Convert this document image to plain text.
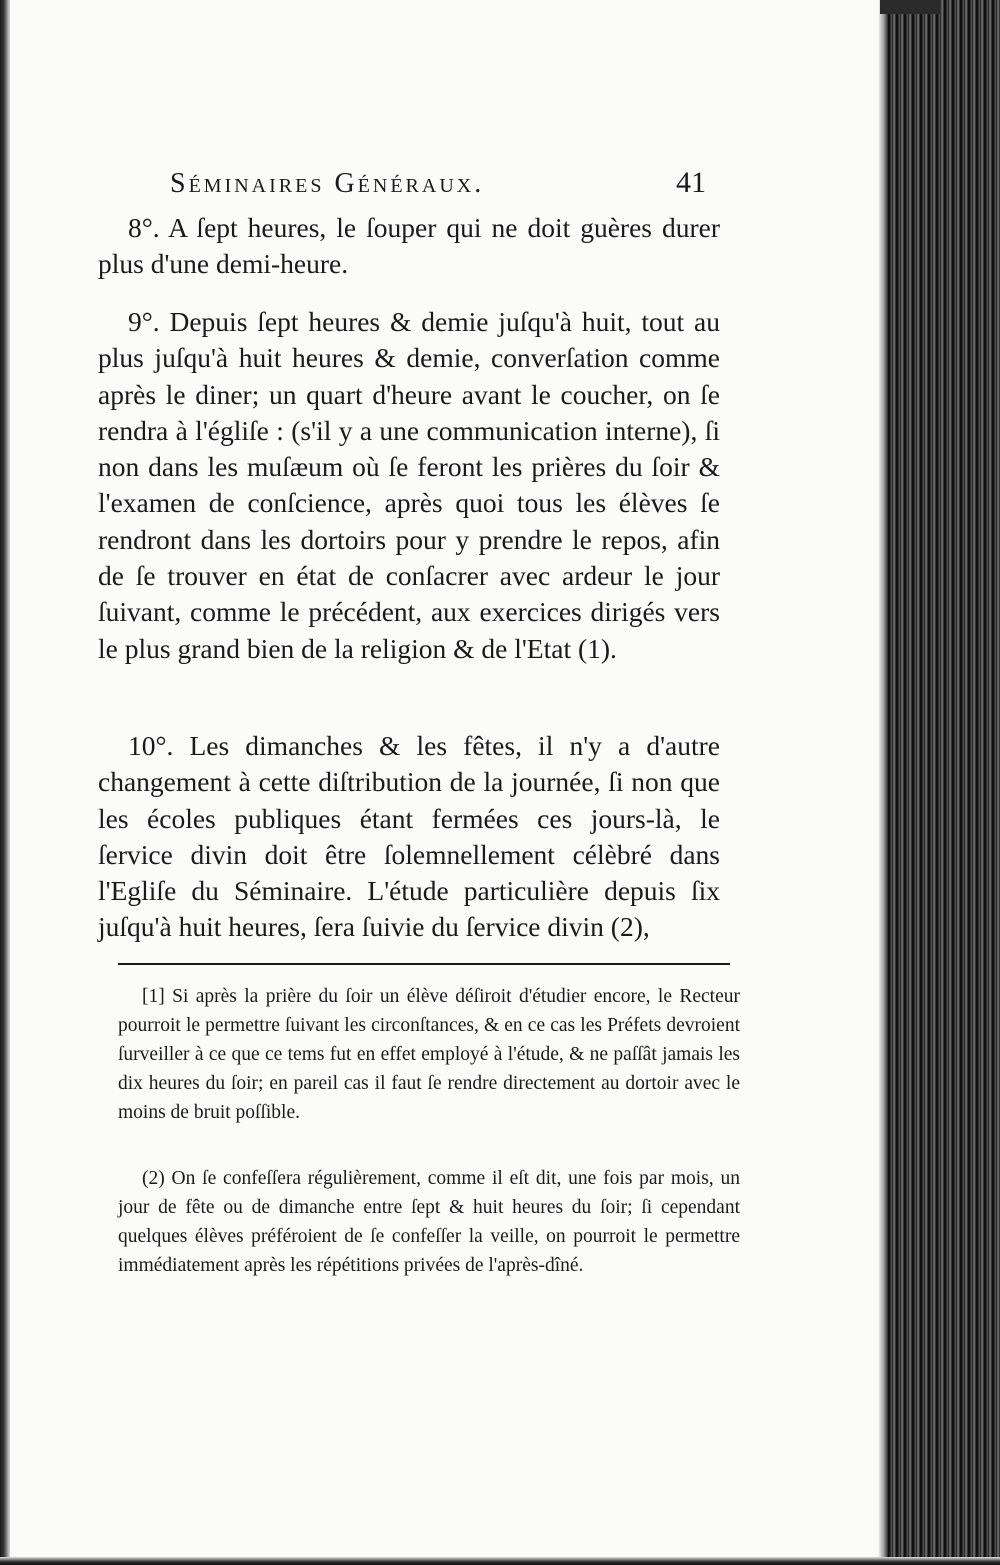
Séminaires Généraux.	41

8°. A ſept heures, le ſouper qui ne doit guères durer plus d'une demi-heure.

9°. Depuis ſept heures & demie juſqu'à huit, tout au plus juſqu'à huit heures & demie, converſation comme après le diner; un quart d'heure avant le coucher, on ſe rendra à l'égliſe : (s'il y a une communication interne), ſi non dans les muſæum où ſe feront les prières du ſoir & l'examen de conſcience, après quoi tous les élèves ſe rendront dans les dortoirs pour y prendre le repos, afin de ſe trouver en état de conſacrer avec ardeur le jour ſuivant, comme le précédent, aux exercices dirigés vers le plus grand bien de la religion & de l'Etat (1).

10°. Les dimanches & les fêtes, il n'y a d'autre changement à cette diſtribution de la journée, ſi non que les écoles publiques étant fermées ces jours-là, le ſervice divin doit être ſolemnellement célèbré dans l'Egliſe du Séminaire. L'étude particulière depuis ſix juſqu'à huit heures, ſera ſuivie du ſervice divin (2),

[1] Si après la prière du ſoir un élève déſiroit d'étudier encore, le Recteur pourroit le permettre ſuivant les circonſtances, & en ce cas les Préfets devroient ſurveiller à ce que ce tems fut en effet employé à l'étude, & ne paſſât jamais les dix heures du ſoir; en pareil cas il faut ſe rendre directement au dortoir avec le moins de bruit poſſible.

(2) On ſe confeſſera régulièrement, comme il eſt dit, une fois par mois, un jour de fête ou de dimanche entre ſept & huit heures du ſoir; ſi cependant quelques élèves préféroient de ſe confeſſer la veille, on pourroit le permettre immédiatement après les répétitions privées de l'après-dîné.
